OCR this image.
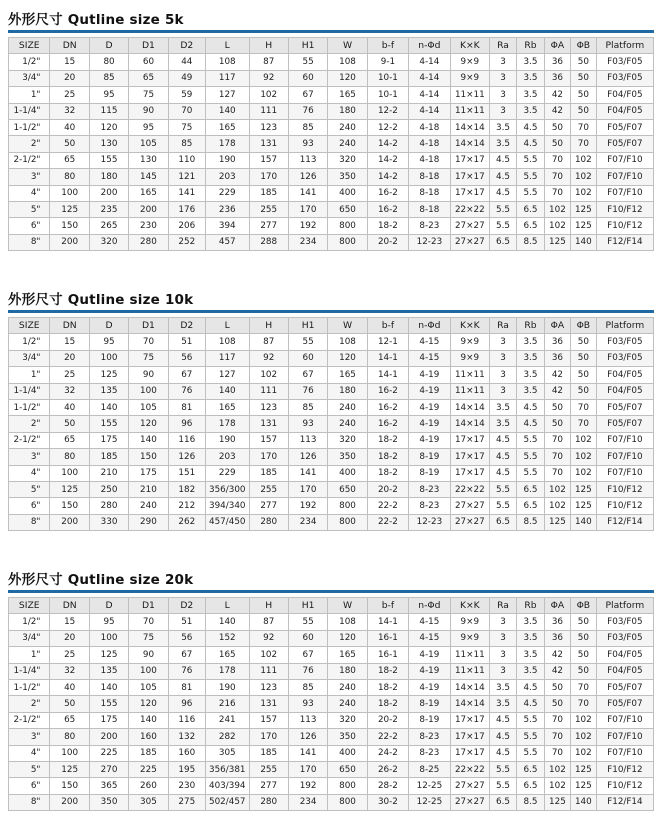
外形尺寸 Qutline size 5k
SIZE	DN	D	D1	D2	L	H	H1	W	b-f	n-Φd	K×K	Ra	Rb	ΦA	ΦB	Platform
1/2"	15	80	60	44	108	87	55	108	9-1	4-14	9×9	3	3.5	36	50	F03/F05
3/4"	20	85	65	49	117	92	60	120	10-1	4-14	9×9	3	3.5	36	50	F03/F05
1"	25	95	75	59	127	102	67	165	10-1	4-14	11×11	3	3.5	42	50	F04/F05
1-1/4"	32	115	90	70	140	111	76	180	12-2	4-14	11×11	3	3.5	42	50	F04/F05
1-1/2"	40	120	95	75	165	123	85	240	12-2	4-18	14×14	3.5	4.5	50	70	F05/F07
2"	50	130	105	85	178	131	93	240	14-2	4-18	14×14	3.5	4.5	50	70	F05/F07
2-1/2"	65	155	130	110	190	157	113	320	14-2	4-18	17×17	4.5	5.5	70	102	F07/F10
3"	80	180	145	121	203	170	126	350	14-2	8-18	17×17	4.5	5.5	70	102	F07/F10
4"	100	200	165	141	229	185	141	400	16-2	8-18	17×17	4.5	5.5	70	102	F07/F10
5"	125	235	200	176	236	255	170	650	16-2	8-18	22×22	5.5	6.5	102	125	F10/F12
6"	150	265	230	206	394	277	192	800	18-2	8-23	27×27	5.5	6.5	102	125	F10/F12
8"	200	320	280	252	457	288	234	800	20-2	12-23	27×27	6.5	8.5	125	140	F12/F14
外形尺寸 Qutline size 10k
SIZE	DN	D	D1	D2	L	H	H1	W	b-f	n-Φd	K×K	Ra	Rb	ΦA	ΦB	Platform
1/2"	15	95	70	51	108	87	55	108	12-1	4-15	9×9	3	3.5	36	50	F03/F05
3/4"	20	100	75	56	117	92	60	120	14-1	4-15	9×9	3	3.5	36	50	F03/F05
1"	25	125	90	67	127	102	67	165	14-1	4-19	11×11	3	3.5	42	50	F04/F05
1-1/4"	32	135	100	76	140	111	76	180	16-2	4-19	11×11	3	3.5	42	50	F04/F05
1-1/2"	40	140	105	81	165	123	85	240	16-2	4-19	14×14	3.5	4.5	50	70	F05/F07
2"	50	155	120	96	178	131	93	240	16-2	4-19	14×14	3.5	4.5	50	70	F05/F07
2-1/2"	65	175	140	116	190	157	113	320	18-2	4-19	17×17	4.5	5.5	70	102	F07/F10
3"	80	185	150	126	203	170	126	350	18-2	8-19	17×17	4.5	5.5	70	102	F07/F10
4"	100	210	175	151	229	185	141	400	18-2	8-19	17×17	4.5	5.5	70	102	F07/F10
5"	125	250	210	182	356/300	255	170	650	20-2	8-23	22×22	5.5	6.5	102	125	F10/F12
6"	150	280	240	212	394/340	277	192	800	22-2	8-23	27×27	5.5	6.5	102	125	F10/F12
8"	200	330	290	262	457/450	280	234	800	22-2	12-23	27×27	6.5	8.5	125	140	F12/F14
外形尺寸 Qutline size 20k
SIZE	DN	D	D1	D2	L	H	H1	W	b-f	n-Φd	K×K	Ra	Rb	ΦA	ΦB	Platform
1/2"	15	95	70	51	140	87	55	108	14-1	4-15	9×9	3	3.5	36	50	F03/F05
3/4"	20	100	75	56	152	92	60	120	16-1	4-15	9×9	3	3.5	36	50	F03/F05
1"	25	125	90	67	165	102	67	165	16-1	4-19	11×11	3	3.5	42	50	F04/F05
1-1/4"	32	135	100	76	178	111	76	180	18-2	4-19	11×11	3	3.5	42	50	F04/F05
1-1/2"	40	140	105	81	190	123	85	240	18-2	4-19	14×14	3.5	4.5	50	70	F05/F07
2"	50	155	120	96	216	131	93	240	18-2	8-19	14×14	3.5	4.5	50	70	F05/F07
2-1/2"	65	175	140	116	241	157	113	320	20-2	8-19	17×17	4.5	5.5	70	102	F07/F10
3"	80	200	160	132	282	170	126	350	22-2	8-23	17×17	4.5	5.5	70	102	F07/F10
4"	100	225	185	160	305	185	141	400	24-2	8-23	17×17	4.5	5.5	70	102	F07/F10
5"	125	270	225	195	356/381	255	170	650	26-2	8-25	22×22	5.5	6.5	102	125	F10/F12
6"	150	365	260	230	403/394	277	192	800	28-2	12-25	27×27	5.5	6.5	102	125	F10/F12
8"	200	350	305	275	502/457	280	234	800	30-2	12-25	27×27	6.5	8.5	125	140	F12/F14
